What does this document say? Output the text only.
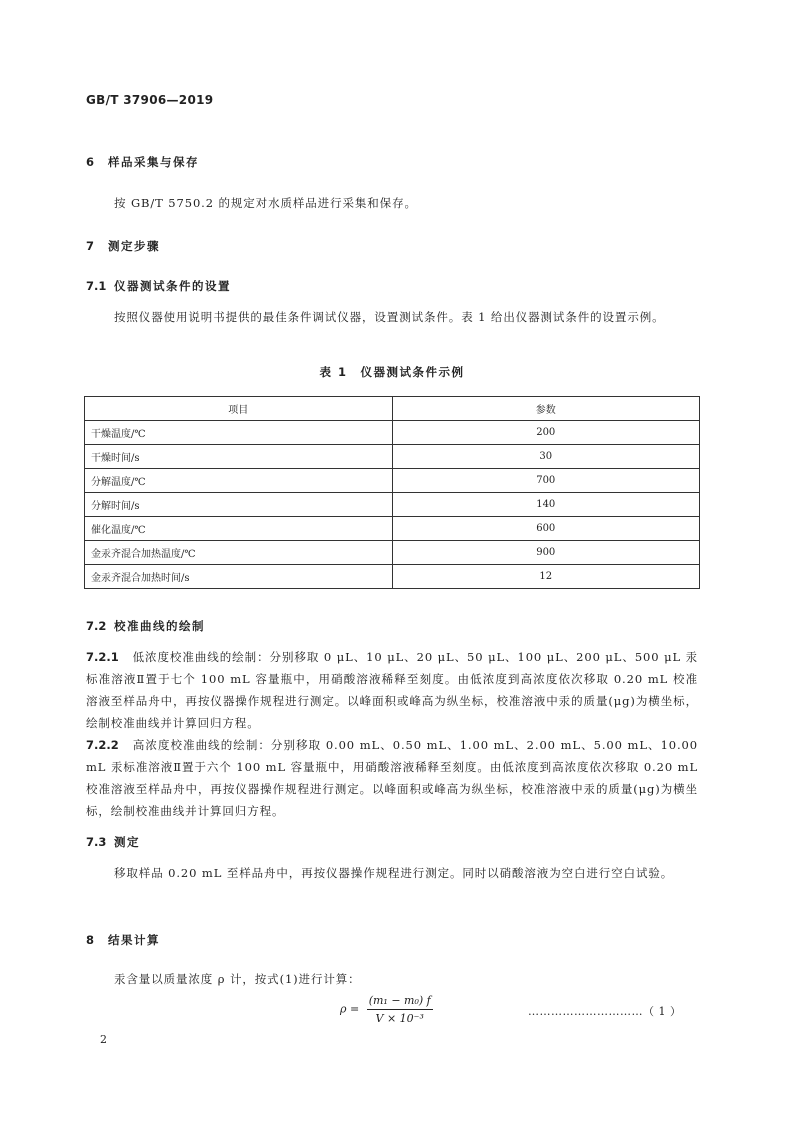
GB/T 37906—2019
6 样品采集与保存
按 GB/T 5750.2 的规定对水质样品进行采集和保存。
7 测定步骤
7.1 仪器测试条件的设置
按照仪器使用说明书提供的最佳条件调试仪器，设置测试条件。表 1 给出仪器测试条件的设置示例。
表 1　仪器测试条件示例
项目	参数
干燥温度/℃	200
干燥时间/s	30
分解温度/℃	700
分解时间/s	140
催化温度/℃	600
金汞齐混合加热温度/℃	900
金汞齐混合加热时间/s	12
7.2 校准曲线的绘制
7.2.1 低浓度校准曲线的绘制：分别移取 0 μL、10 μL、20 μL、50 μL、100 μL、200 μL、500 μL 汞标准溶液Ⅱ置于七个 100 mL 容量瓶中，用硝酸溶液稀释至刻度。由低浓度到高浓度依次移取 0.20 mL 校准溶液至样品舟中，再按仪器操作规程进行测定。以峰面积或峰高为纵坐标，校准溶液中汞的质量(μg)为横坐标，绘制校准曲线并计算回归方程。
7.2.2 高浓度校准曲线的绘制：分别移取 0.00 mL、0.50 mL、1.00 mL、2.00 mL、5.00 mL、10.00 mL 汞标准溶液Ⅱ置于六个 100 mL 容量瓶中，用硝酸溶液稀释至刻度。由低浓度到高浓度依次移取 0.20 mL 校准溶液至样品舟中，再按仪器操作规程进行测定。以峰面积或峰高为纵坐标，校准溶液中汞的质量(μg)为横坐标，绘制校准曲线并计算回归方程。
7.3 测定
移取样品 0.20 mL 至样品舟中，再按仪器操作规程进行测定。同时以硝酸溶液为空白进行空白试验。
8 结果计算
汞含量以质量浓度 ρ 计，按式(1)进行计算：
$\rho = \frac{\text{(m₁ − m₀) f}}{\text{V × 10⁻³}}$	…………………………（ 1 ）
2
